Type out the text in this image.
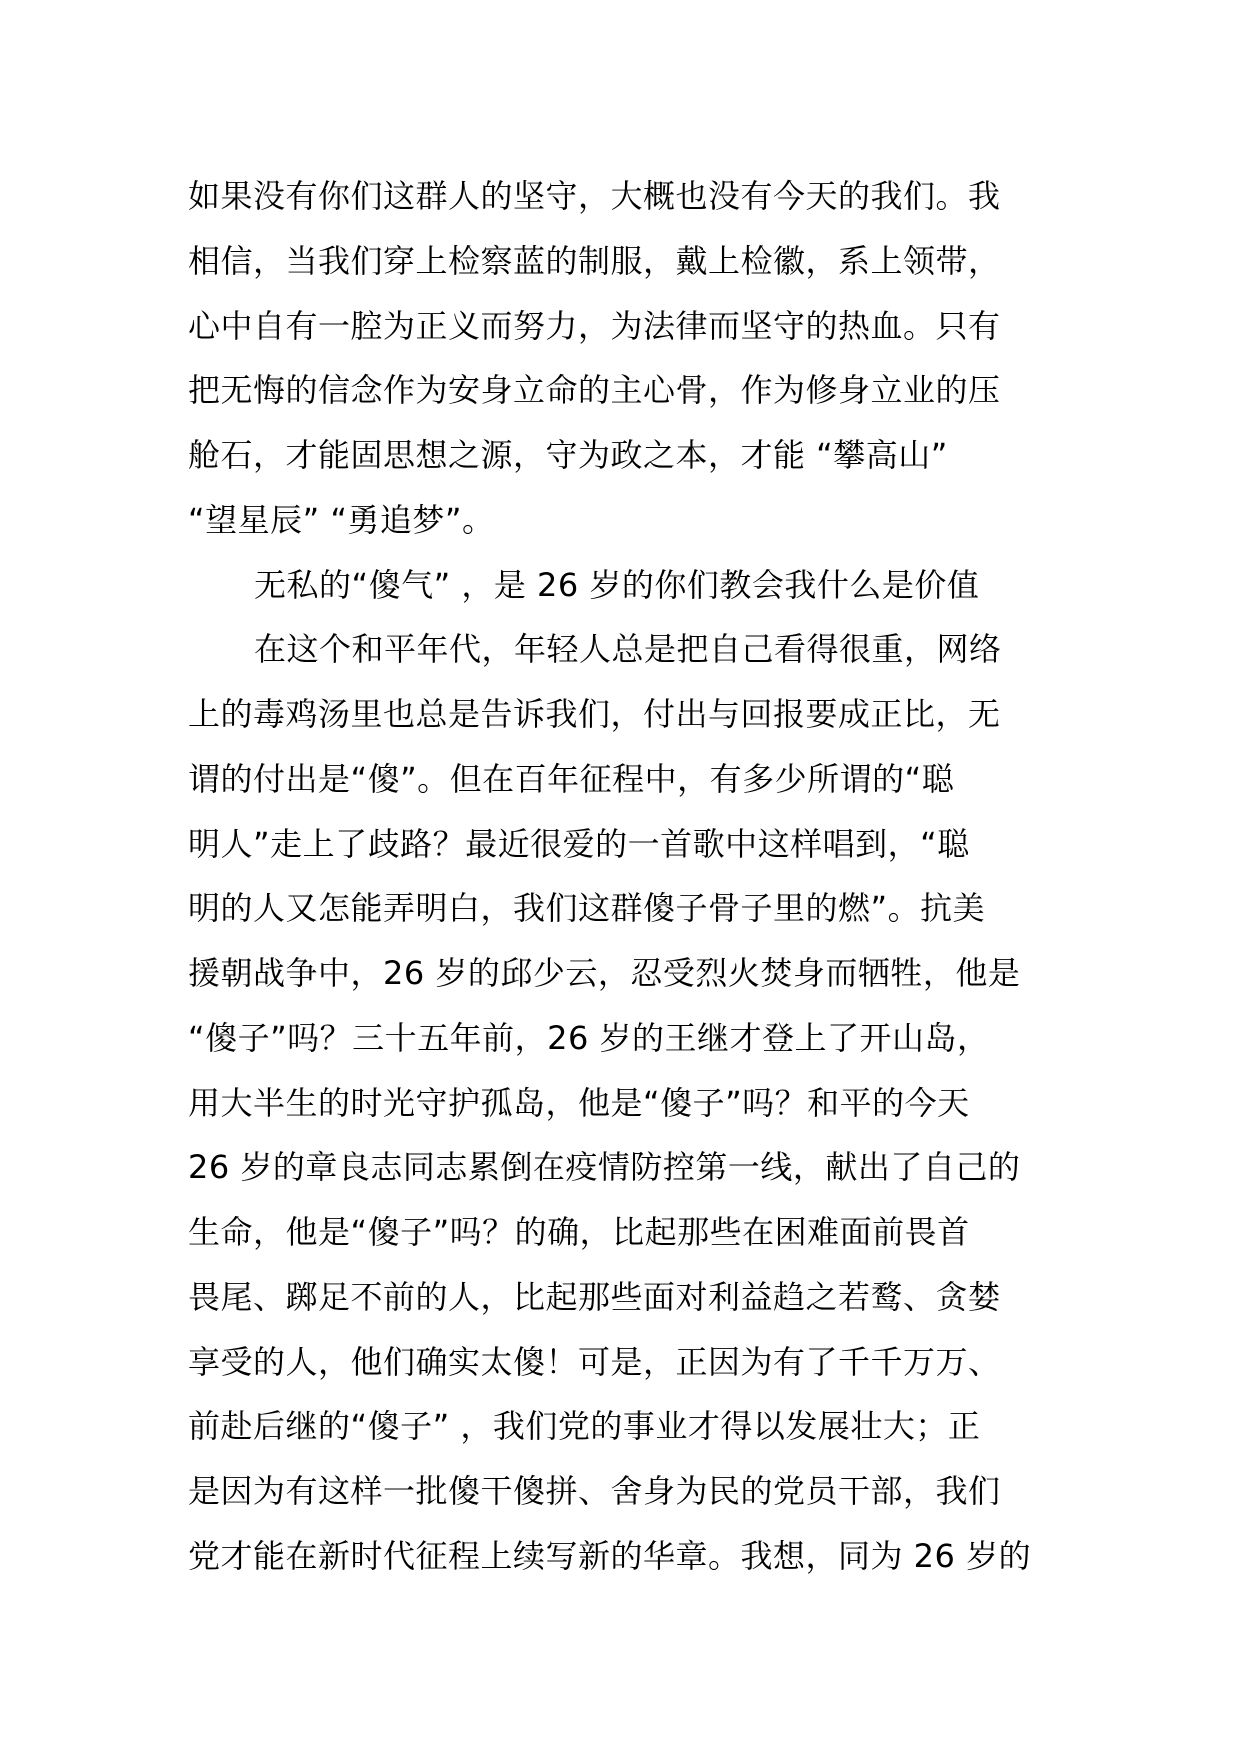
如果没有你们这群人的坚守，大概也没有今天的我们。我
相信，当我们穿上检察蓝的制服，戴上检徽，系上领带，
心中自有一腔为正义而努力，为法律而坚守的热血。只有
把无悔的信念作为安身立命的主心骨，作为修身立业的压
舱石，才能固思想之源，守为政之本，才能 “攀高山”
“望星辰” “勇追梦”。
无私的“傻气” ，是 26 岁的你们教会我什么是价值
在这个和平年代，年轻人总是把自己看得很重，网络
上的毒鸡汤里也总是告诉我们，付出与回报要成正比，无
谓的付出是“傻”。但在百年征程中，有多少所谓的“聪
明人”走上了歧路？最近很爱的一首歌中这样唱到，“聪
明的人又怎能弄明白，我们这群傻子骨子里的燃”。抗美
援朝战争中，26 岁的邱少云，忍受烈火焚身而牺牲，他是
“傻子”吗？三十五年前，26 岁的王继才登上了开山岛，
用大半生的时光守护孤岛，他是“傻子”吗？和平的今天
26 岁的章良志同志累倒在疫情防控第一线，献出了自己的
生命，他是“傻子”吗？的确，比起那些在困难面前畏首
畏尾、踯足不前的人，比起那些面对利益趋之若鹜、贪婪
享受的人，他们确实太傻！可是，正因为有了千千万万、
前赴后继的“傻子” ，我们党的事业才得以发展壮大；正
是因为有这样一批傻干傻拼、舍身为民的党员干部，我们
党才能在新时代征程上续写新的华章。我想，同为 26 岁的
